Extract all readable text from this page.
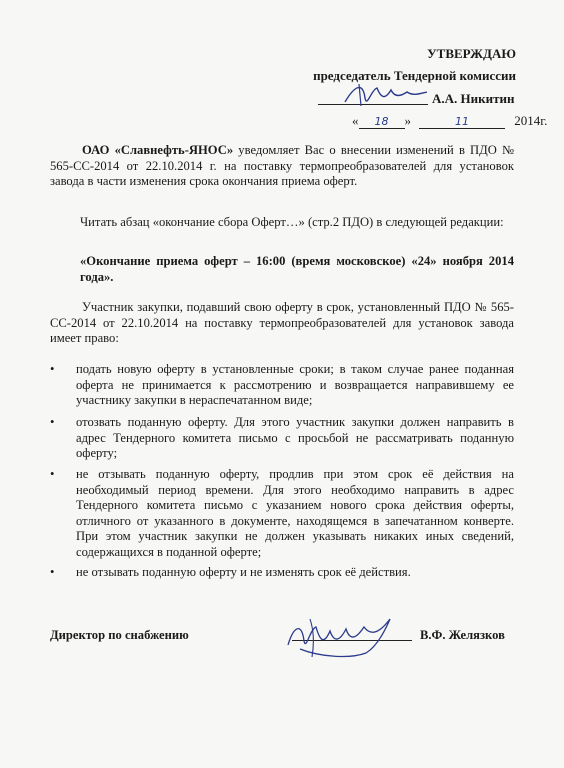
УТВЕРЖДАЮ
председатель Тендерной комиссии
А.А. Никитин
« 18 »	11	2014г.
ОАО «Славнефть-ЯНОС» уведомляет Вас о внесении изменений в ПДО № 565-СС-2014 от 22.10.2014 г. на поставку термопреобразователей для установок завода в части изменения срока окончания приема оферт.
Читать абзац «окончание сбора Оферт…» (стр.2 ПДО) в следующей редакции:
«Окончание приема оферт – 16:00 (время московское) «24» ноября 2014 года».
Участник закупки, подавший свою оферту в срок, установленный ПДО № 565-СС-2014 от 22.10.2014 на поставку термопреобразователей для установок завода имеет право:
•	подать новую оферту в установленные сроки; в таком случае ранее поданная оферта не принимается к рассмотрению и возвращается направившему ее участнику закупки в нераспечатанном виде;
•	отозвать поданную оферту. Для этого участник закупки должен направить в адрес Тендерного комитета письмо с просьбой не рассматривать поданную оферту;
•	не отзывать поданную оферту, продлив при этом срок её действия на необходимый период времени. Для этого необходимо направить в адрес Тендерного комитета письмо с указанием нового срока действия оферты, отличного от указанного в документе, находящемся в запечатанном конверте. При этом участник закупки не должен указывать никаких иных сведений, содержащихся в поданной оферте;
•	не отзывать поданную оферту и не изменять срок её действия.
Директор по снабжению	В.Ф. Желязков
